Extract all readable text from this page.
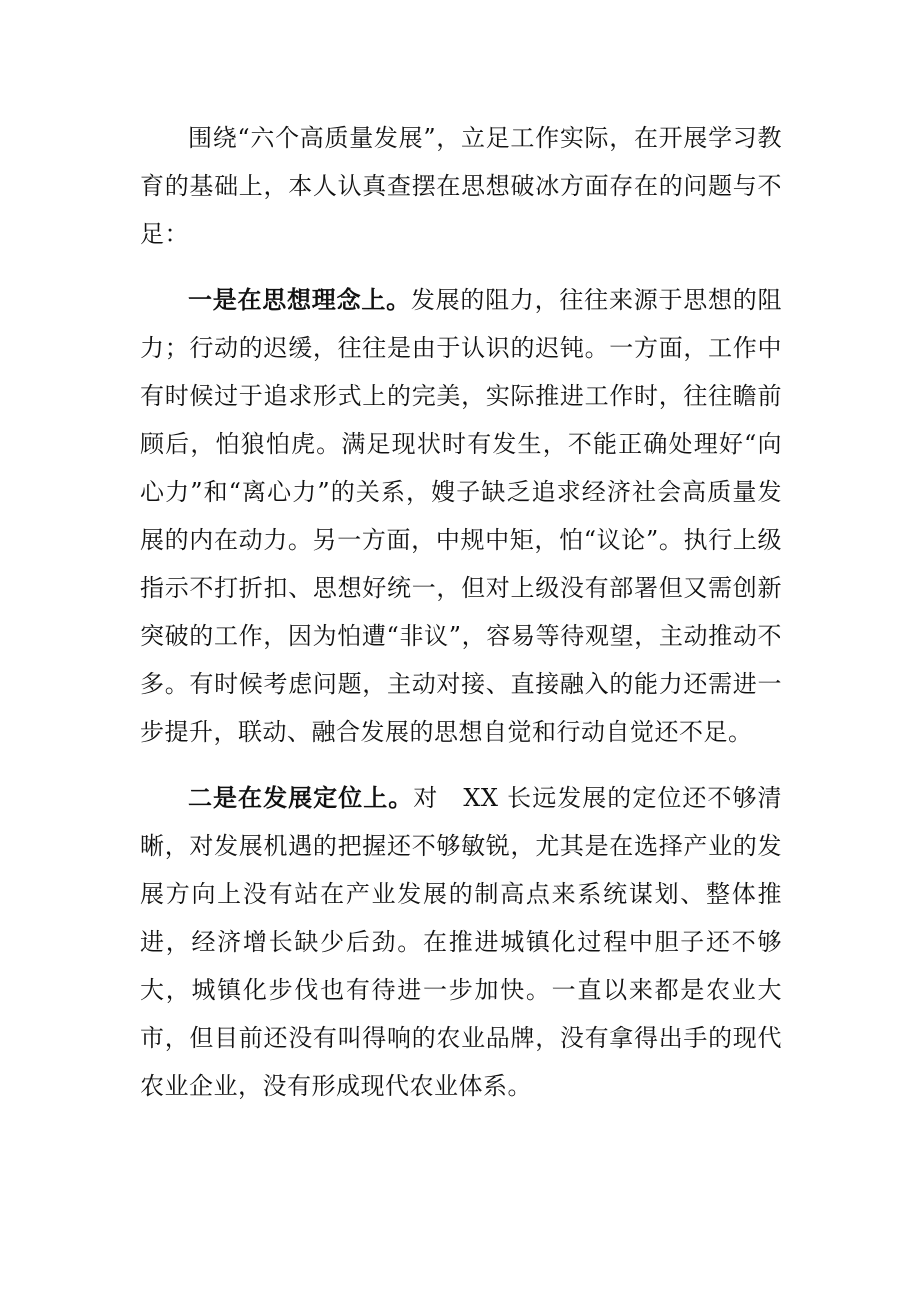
围绕“六个高质量发展”，立足工作实际，在开展学习教育的基础上，本人认真查摆在思想破冰方面存在的问题与不足：

一是在思想理念上。发展的阻力，往往来源于思想的阻力；行动的迟缓，往往是由于认识的迟钝。一方面，工作中有时候过于追求形式上的完美，实际推进工作时，往往瞻前顾后，怕狼怕虎。满足现状时有发生，不能正确处理好“向心力”和“离心力”的关系，嫂子缺乏追求经济社会高质量发展的内在动力。另一方面，中规中矩，怕“议论”。执行上级指示不打折扣、思想好统一，但对上级没有部署但又需创新突破的工作，因为怕遭“非议”，容易等待观望，主动推动不多。有时候考虑问题，主动对接、直接融入的能力还需进一步提升，联动、融合发展的思想自觉和行动自觉还不足。

二是在发展定位上。对　XX 长远发展的定位还不够清晰，对发展机遇的把握还不够敏锐，尤其是在选择产业的发展方向上没有站在产业发展的制高点来系统谋划、整体推进，经济增长缺少后劲。在推进城镇化过程中胆子还不够大，城镇化步伐也有待进一步加快。一直以来都是农业大市，但目前还没有叫得响的农业品牌，没有拿得出手的现代农业企业，没有形成现代农业体系。
